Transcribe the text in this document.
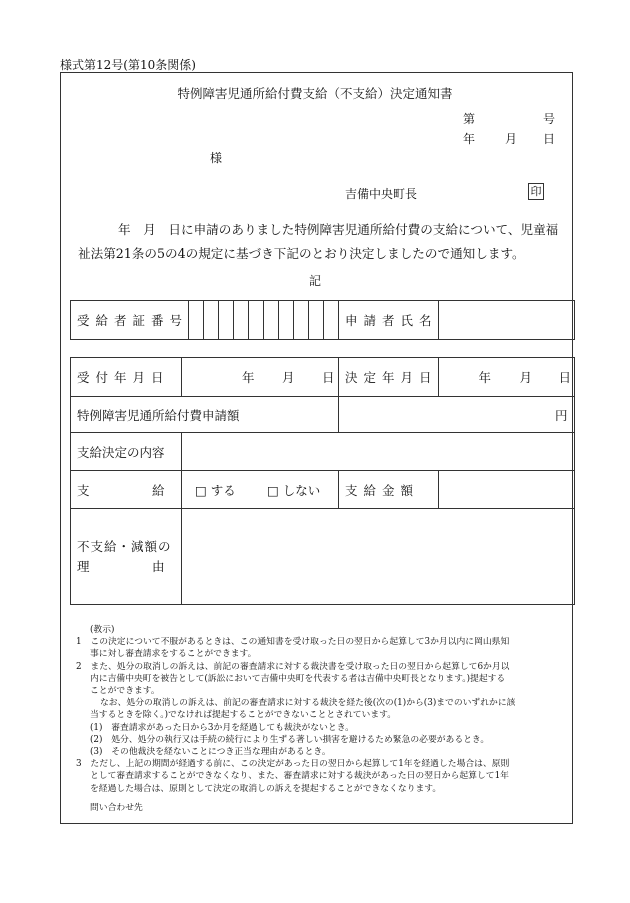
様式第12号(第10条関係)
特例障害児通所給付費支給（不支給）決定通知書
第	号
年 月 日
様
吉備中央町長	印
年　月　日に申請のありました特例障害児通所給付費の支給について、児童福祉法第21条の5の4の規定に基づき下記のとおり決定しましたので通知します。
記
受給者証番号											申請者氏名	
受付年月日	年 月 日	決定年月日	年 月 日

特例障害児通所給付費申請額		円	
支給決定の内容			
支　　　　　給	□ する □ しない	支給金額	

不支給・減額の
理　　　　　由			

(教示)
1　この決定について不服があるときは、この通知書を受け取った日の翌日から起算して3か月以内に岡山県知
事に対し審査請求をすることができます。
2　また、処分の取消しの訴えは、前記の審査請求に対する裁決書を受け取った日の翌日から起算して6か月以
内に吉備中央町を被告として(訴訟において吉備中央町を代表する者は吉備中央町長となります。)提起する
ことができます。
なお、処分の取消しの訴えは、前記の審査請求に対する裁決を経た後(次の(1)から(3)までのいずれかに該
当するときを除く。)でなければ提起することができないこととされています。
(1)　審査請求があった日から3か月を経過しても裁決がないとき。
(2)　処分、処分の執行又は手続の続行により生ずる著しい損害を避けるため緊急の必要があるとき。
(3)　その他裁決を経ないことにつき正当な理由があるとき。
3　ただし、上記の期間が経過する前に、この決定があった日の翌日から起算して1年を経過した場合は、原則
として審査請求することができなくなり、また、審査請求に対する裁決があった日の翌日から起算して1年
を経過した場合は、原則として決定の取消しの訴えを提起することができなくなります。
問い合わせ先
